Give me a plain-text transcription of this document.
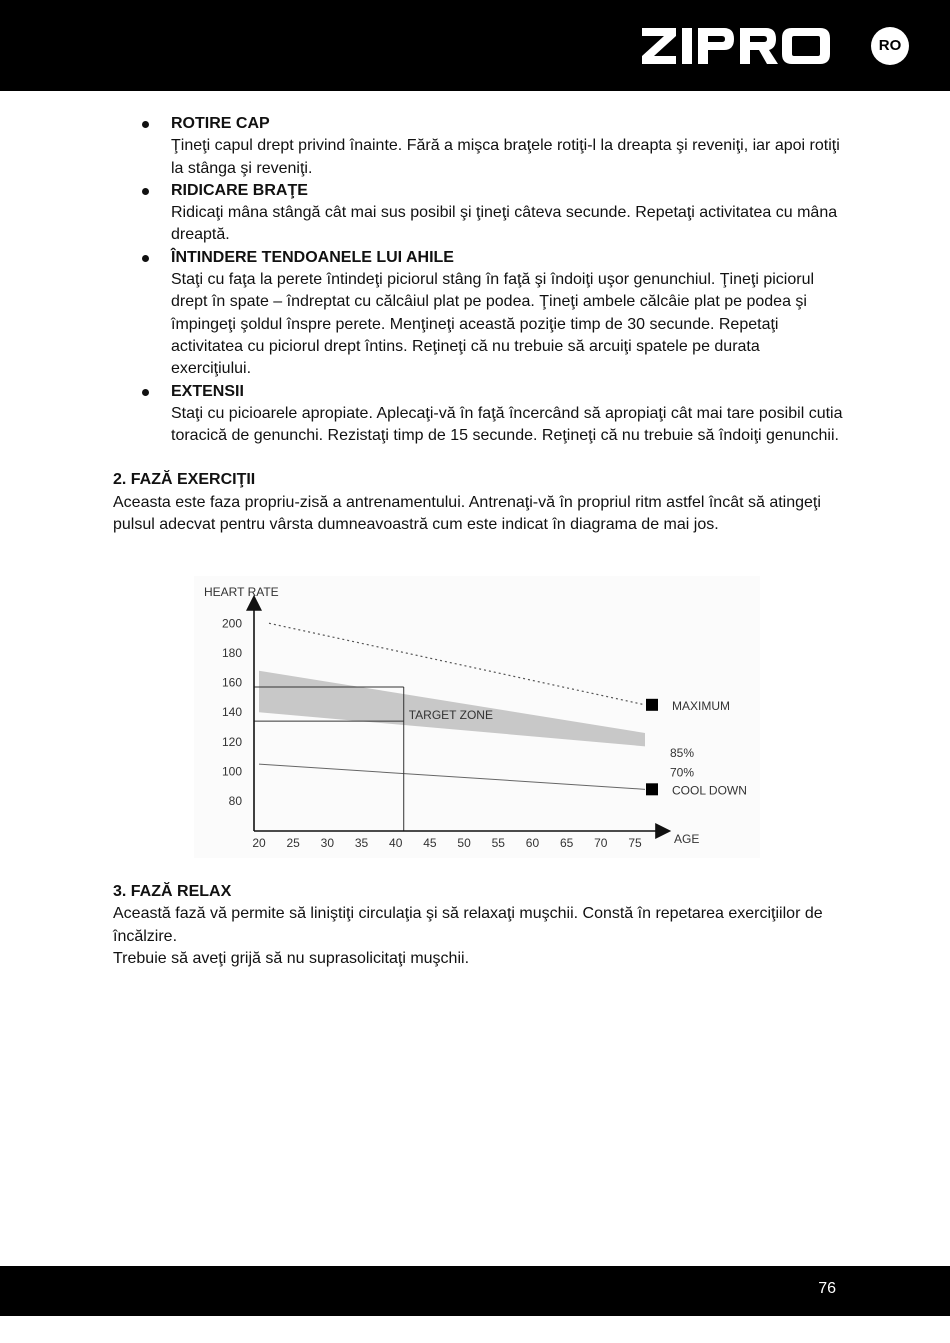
RO
ROTIRE CAP
Ţineţi capul drept privind înainte. Fără a mişca braţele rotiţi-l la dreapta şi reveniţi, iar apoi rotiţi la stânga şi reveniţi.
RIDICARE BRAŢE
Ridicaţi mâna stângă cât mai sus posibil şi ţineţi câteva secunde. Repetaţi activitatea cu mâna dreaptă.
ÎNTINDERE TENDOANELE LUI AHILE
Staţi cu faţa la perete întindeţi piciorul stâng în faţă şi îndoiţi uşor genunchiul. Ţineţi piciorul drept în spate – îndreptat cu călcâiul plat pe podea. Ţineţi ambele călcâie plat pe podea şi împingeţi şoldul înspre perete. Menţineţi această poziţie timp de 30 secunde. Repetaţi activitatea cu piciorul drept întins. Reţineţi că nu trebuie să arcuiţi spatele pe durata exerciţiului.
EXTENSII
Staţi cu picioarele apropiate. Aplecaţi-vă în faţă încercând să apropiaţi cât mai tare posibil cutia toracică de genunchi. Rezistaţi timp de 15 secunde. Reţineţi că nu trebuie să îndoiţi genunchii.
2. FAZĂ EXERCIŢII
Aceasta este faza propriu-zisă a antrenamentului. Antrenaţi-vă în propriul ritm astfel încât să atingeţi pulsul adecvat pentru vârsta dumneavoastră cum este indicat în diagrama de mai jos.
HEART RATE
AGE
TARGET ZONE
80
100
120
140
160
180
200
20 25 30 35 40 45 50 55 60 65 70 75
MAXIMUM
85%
70%
COOL DOWN
3. FAZĂ RELAX
Această fază vă permite să liniştiţi circulaţia şi să relaxaţi muşchii. Constă în repetarea exerciţiilor de încălzire.
Trebuie să aveţi grijă să nu suprasolicitaţi muşchii.
76
